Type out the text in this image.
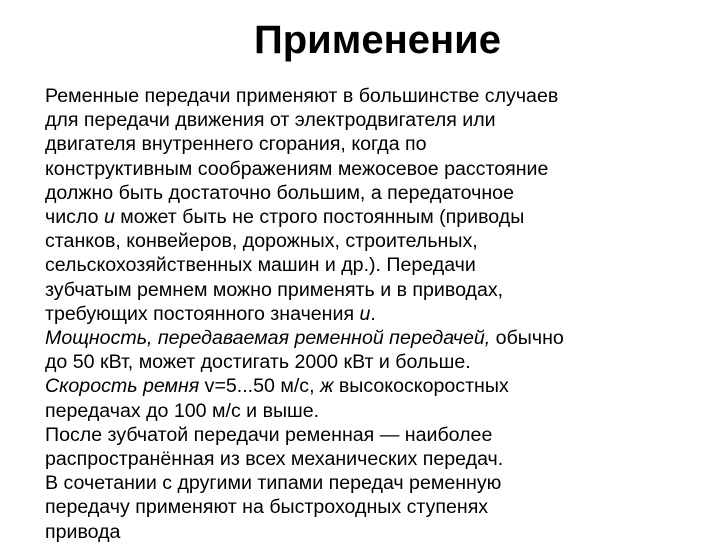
Применение

Ременные передачи применяют в большинстве случаев
для передачи движения от электродвигателя или
двигателя внутреннего сгорания, когда по
конструктивным соображениям межосевое расстояние
должно быть достаточно большим, а передаточное
число u может быть не строго постоянным (приводы
станков, конвейеров, дорожных, строительных,
сельскохозяйственных машин и др.). Передачи
зубчатым ремнем можно применять и в приводах,
требующих постоянного значения u.

Мощность, передаваемая ременной передачей, обычно
до 50 кВт, может достигать 2000 кВт и больше.
Скорость ремня v=5...50 м/с, ж высокоскоростных
передачах до 100 м/с и выше.

После зубчатой передачи ременная — наиболее
распространённая из всех механических передач.

В сочетании с другими типами передач ременную
передачу применяют на быстроходных ступенях
привода
